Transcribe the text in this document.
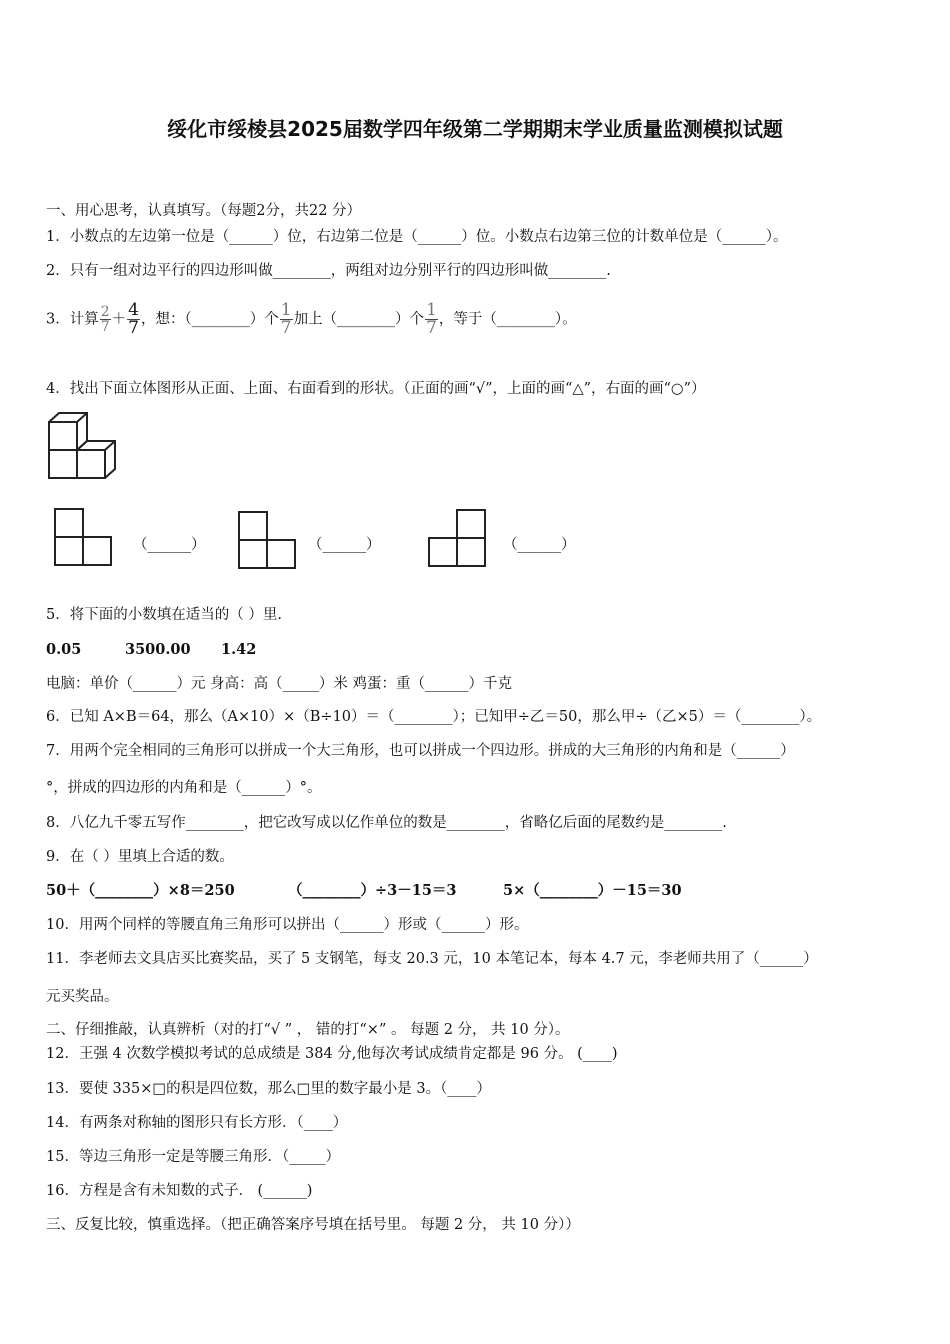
绥化市绥棱县2025届数学四年级第二学期期末学业质量监测模拟试题
一、用心思考，认真填写。（每题2分，共22 分）
1．小数点的左边第一位是（______）位，右边第二位是（______）位。小数点右边第三位的计数单位是（______）。
2．只有一组对边平行的四边形叫做________，两组对边分别平行的四边形叫做________.
3．计算 $\frac{2}{7} + \frac{4}{7}$ ，想：（________）个 $\frac{1}{7}$ 加上（________）个 $\frac{1}{7}$ ，等于（________）。
4．找出下面立体图形从正面、上面、右面看到的形状。（正面的画“√”，上面的画“△”，右面的画“○”）
（______）	（______）	（______）
5．将下面的小数填在适当的（ ）里.
0.05	3500.00 1.42
电脑：单价（______）元 身高：高（_____）米 鸡蛋：重（______）千克
6．已知 A×B＝64，那么（A×10）×（B÷10）＝（________）；已知甲÷乙＝50，那么甲÷（乙×5）＝（________）。
7．用两个完全相同的三角形可以拼成一个大三角形，也可以拼成一个四边形。拼成的大三角形的内角和是（______）
°，拼成的四边形的内角和是（______）°。
8．八亿九千零五写作________，把它改写成以亿作单位的数是________，省略亿后面的尾数约是________.
9．在（ ）里填上合适的数。
50＋（________）×8＝250	（________）÷3－15＝3	5×（________）－15＝30
10．用两个同样的等腰直角三角形可以拼出（______）形或（______）形。
11．李老师去文具店买比赛奖品，买了 5 支钢笔，每支 20.3 元，10 本笔记本，每本 4.7 元，李老师共用了（______）
元买奖品。
二、仔细推敲，认真辨析（对的打“√ ” ， 错的打“×” 。 每题 2 分， 共 10 分）。
12．王强 4 次数学模拟考试的总成绩是 384 分,他每次考试成绩肯定都是 96 分。 (____)
13．要使 335×□的积是四位数，那么□里的数字最小是 3。（____）
14．有两条对称轴的图形只有长方形．（____）
15．等边三角形一定是等腰三角形．（_____）
16．方程是含有未知数的式子． (______)
三、反复比较，慎重选择。（把正确答案序号填在括号里。 每题 2 分， 共 10 分））
